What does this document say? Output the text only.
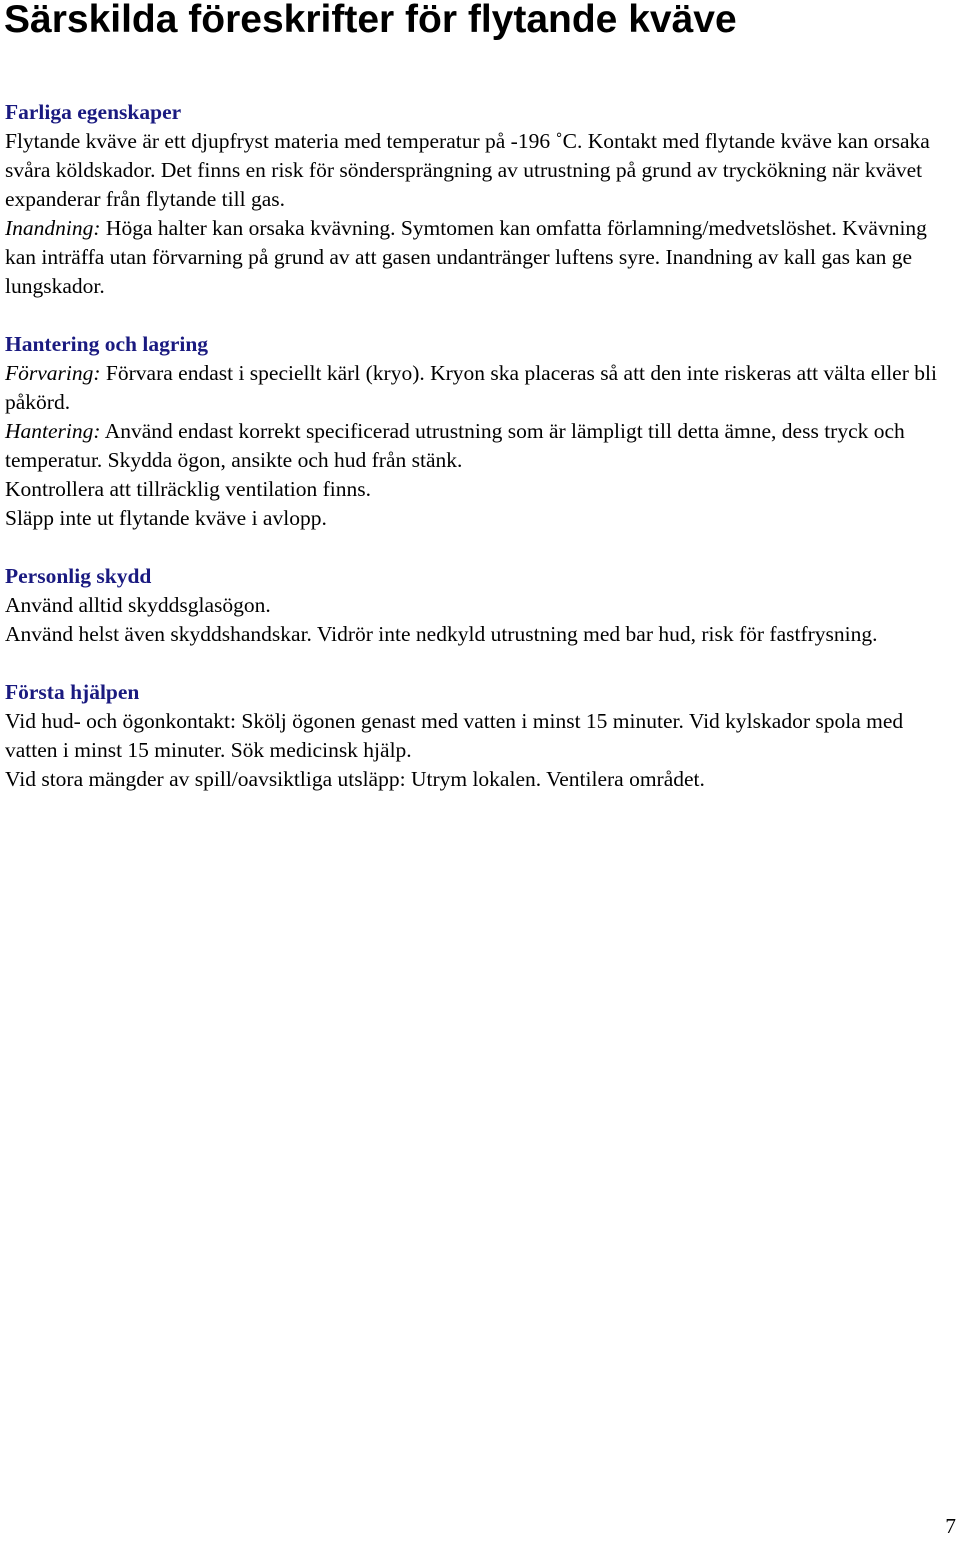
Särskilda föreskrifter för flytande kväve
Farliga egenskaper

Flytande kväve är ett djupfryst materia med temperatur på -196 ˚C. Kontakt med flytande kväve kan orsaka svåra köldskador. Det finns en risk för söndersprängning av utrustning på grund av tryckökning när kvävet expanderar från flytande till gas.

Inandning: Höga halter kan orsaka kvävning. Symtomen kan omfatta förlamning/medvetslöshet. Kvävning kan inträffa utan förvarning på grund av att gasen undantränger luftens syre. Inandning av kall gas kan ge lungskador.

Hantering och lagring

Förvaring: Förvara endast i speciellt kärl (kryo). Kryon ska placeras så att den inte riskeras att välta eller bli påkörd.

Hantering: Använd endast korrekt specificerad utrustning som är lämpligt till detta ämne, dess tryck och temperatur. Skydda ögon, ansikte och hud från stänk.

Kontrollera att tillräcklig ventilation finns.

Släpp inte ut flytande kväve i avlopp.

Personlig skydd

Använd alltid skyddsglasögon.

Använd helst även skyddshandskar. Vidrör inte nedkyld utrustning med bar hud, risk för fastfrysning.

Första hjälpen

Vid hud- och ögonkontakt: Skölj ögonen genast med vatten i minst 15 minuter. Vid kylskador spola med vatten i minst 15 minuter. Sök medicinsk hjälp.

Vid stora mängder av spill/oavsiktliga utsläpp: Utrym lokalen. Ventilera området.

7
